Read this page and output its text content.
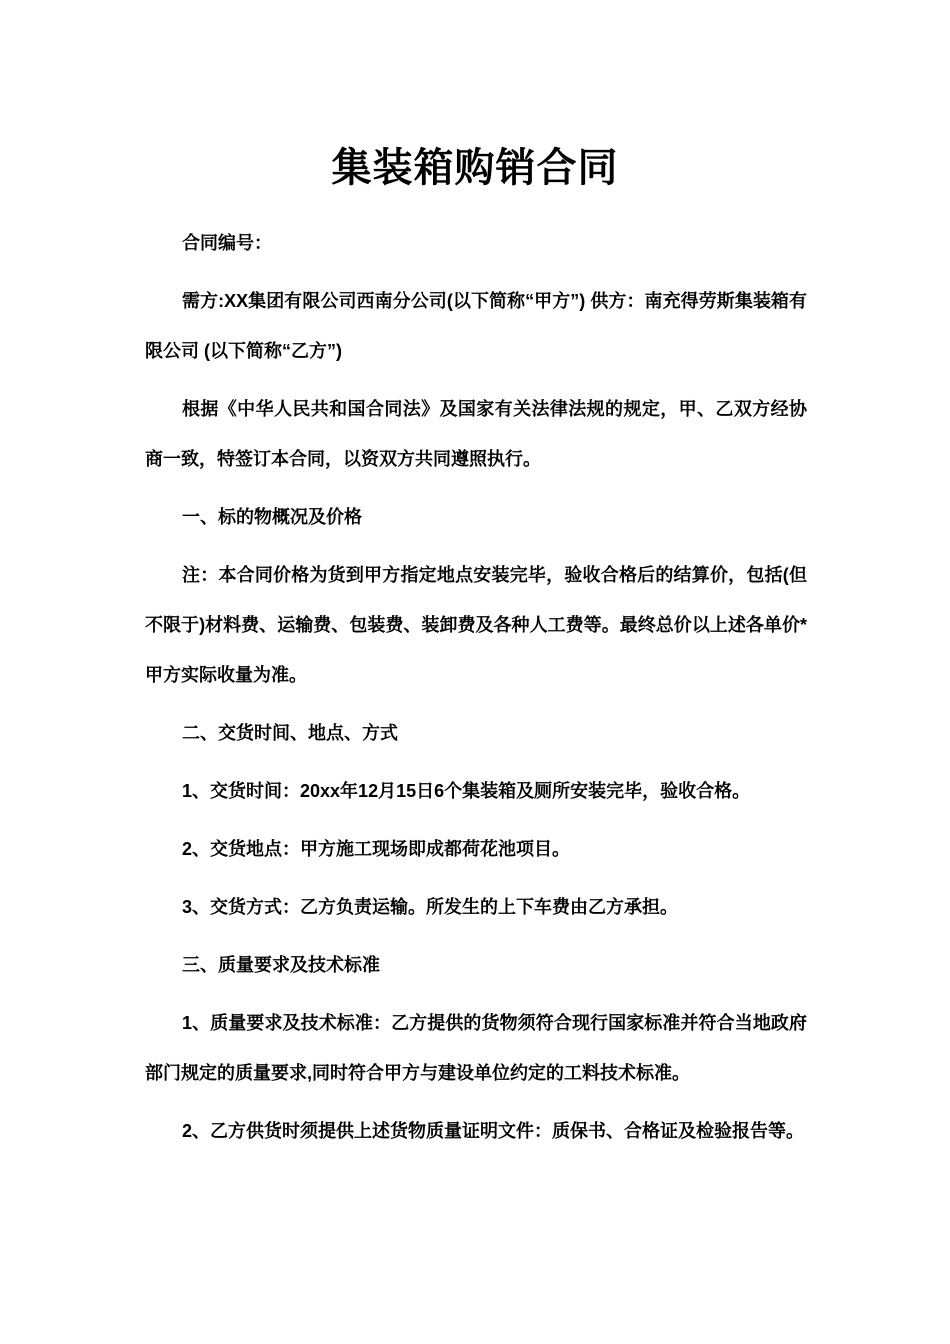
集装箱购销合同

合同编号：

需方:XX集团有限公司西南分公司(以下简称“甲方”) 供方：南充得劳斯集装箱有限公司 (以下简称“乙方”)

根据《中华人民共和国合同法》及国家有关法律法规的规定，甲、乙双方经协商一致，特签订本合同，以资双方共同遵照执行。

一、标的物概况及价格

注：本合同价格为货到甲方指定地点安装完毕，验收合格后的结算价，包括(但不限于)材料费、运输费、包装费、装卸费及各种人工费等。最终总价以上述各单价*甲方实际收量为准。

二、交货时间、地点、方式

1、交货时间：20xx年12月15日6个集装箱及厕所安装完毕，验收合格。

2、交货地点：甲方施工现场即成都荷花池项目。

3、交货方式：乙方负责运输。所发生的上下车费由乙方承担。

三、质量要求及技术标准

1、质量要求及技术标准：乙方提供的货物须符合现行国家标准并符合当地政府部门规定的质量要求,同时符合甲方与建设单位约定的工料技术标准。

2、乙方供货时须提供上述货物质量证明文件：质保书、合格证及检验报告等。
